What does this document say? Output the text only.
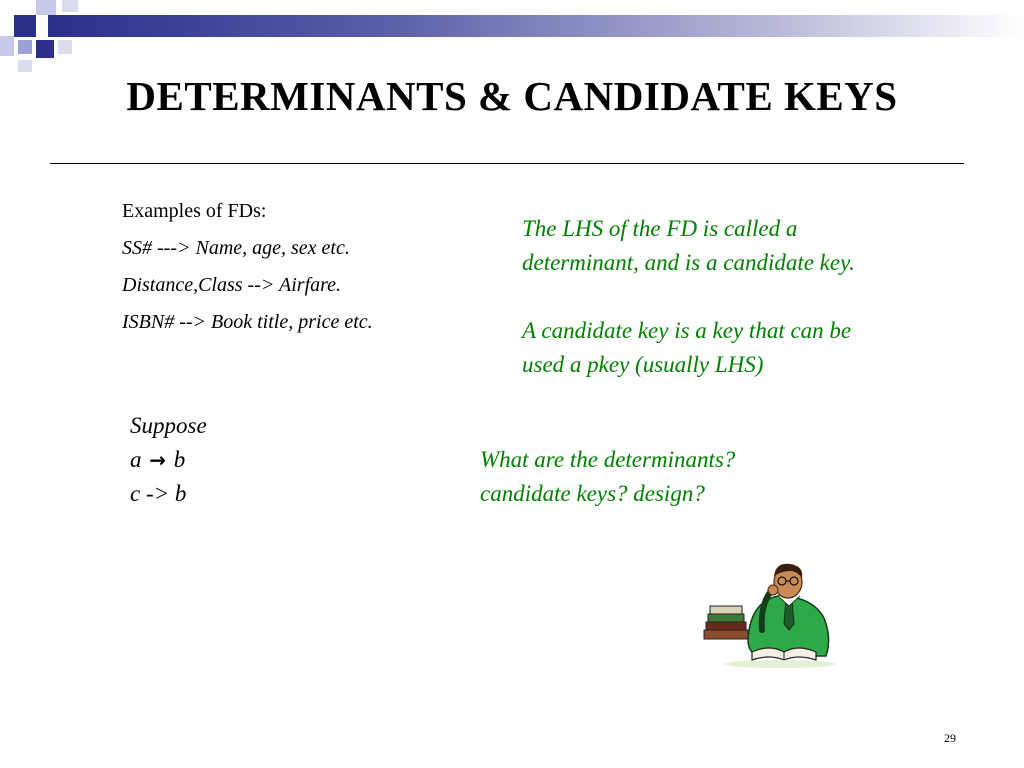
DETERMINANTS & CANDIDATE KEYS
Examples of FDs:
SS# ---> Name, age, sex etc.
Distance,Class --> Airfare.
ISBN# --> Book title, price etc.
The LHS of the FD is called a
determinant, and is a candidate key.
A candidate key is a key that can be
used a pkey (usually LHS)
Suppose
a → b
c -> b
What are the determinants?
candidate keys? design?
29
